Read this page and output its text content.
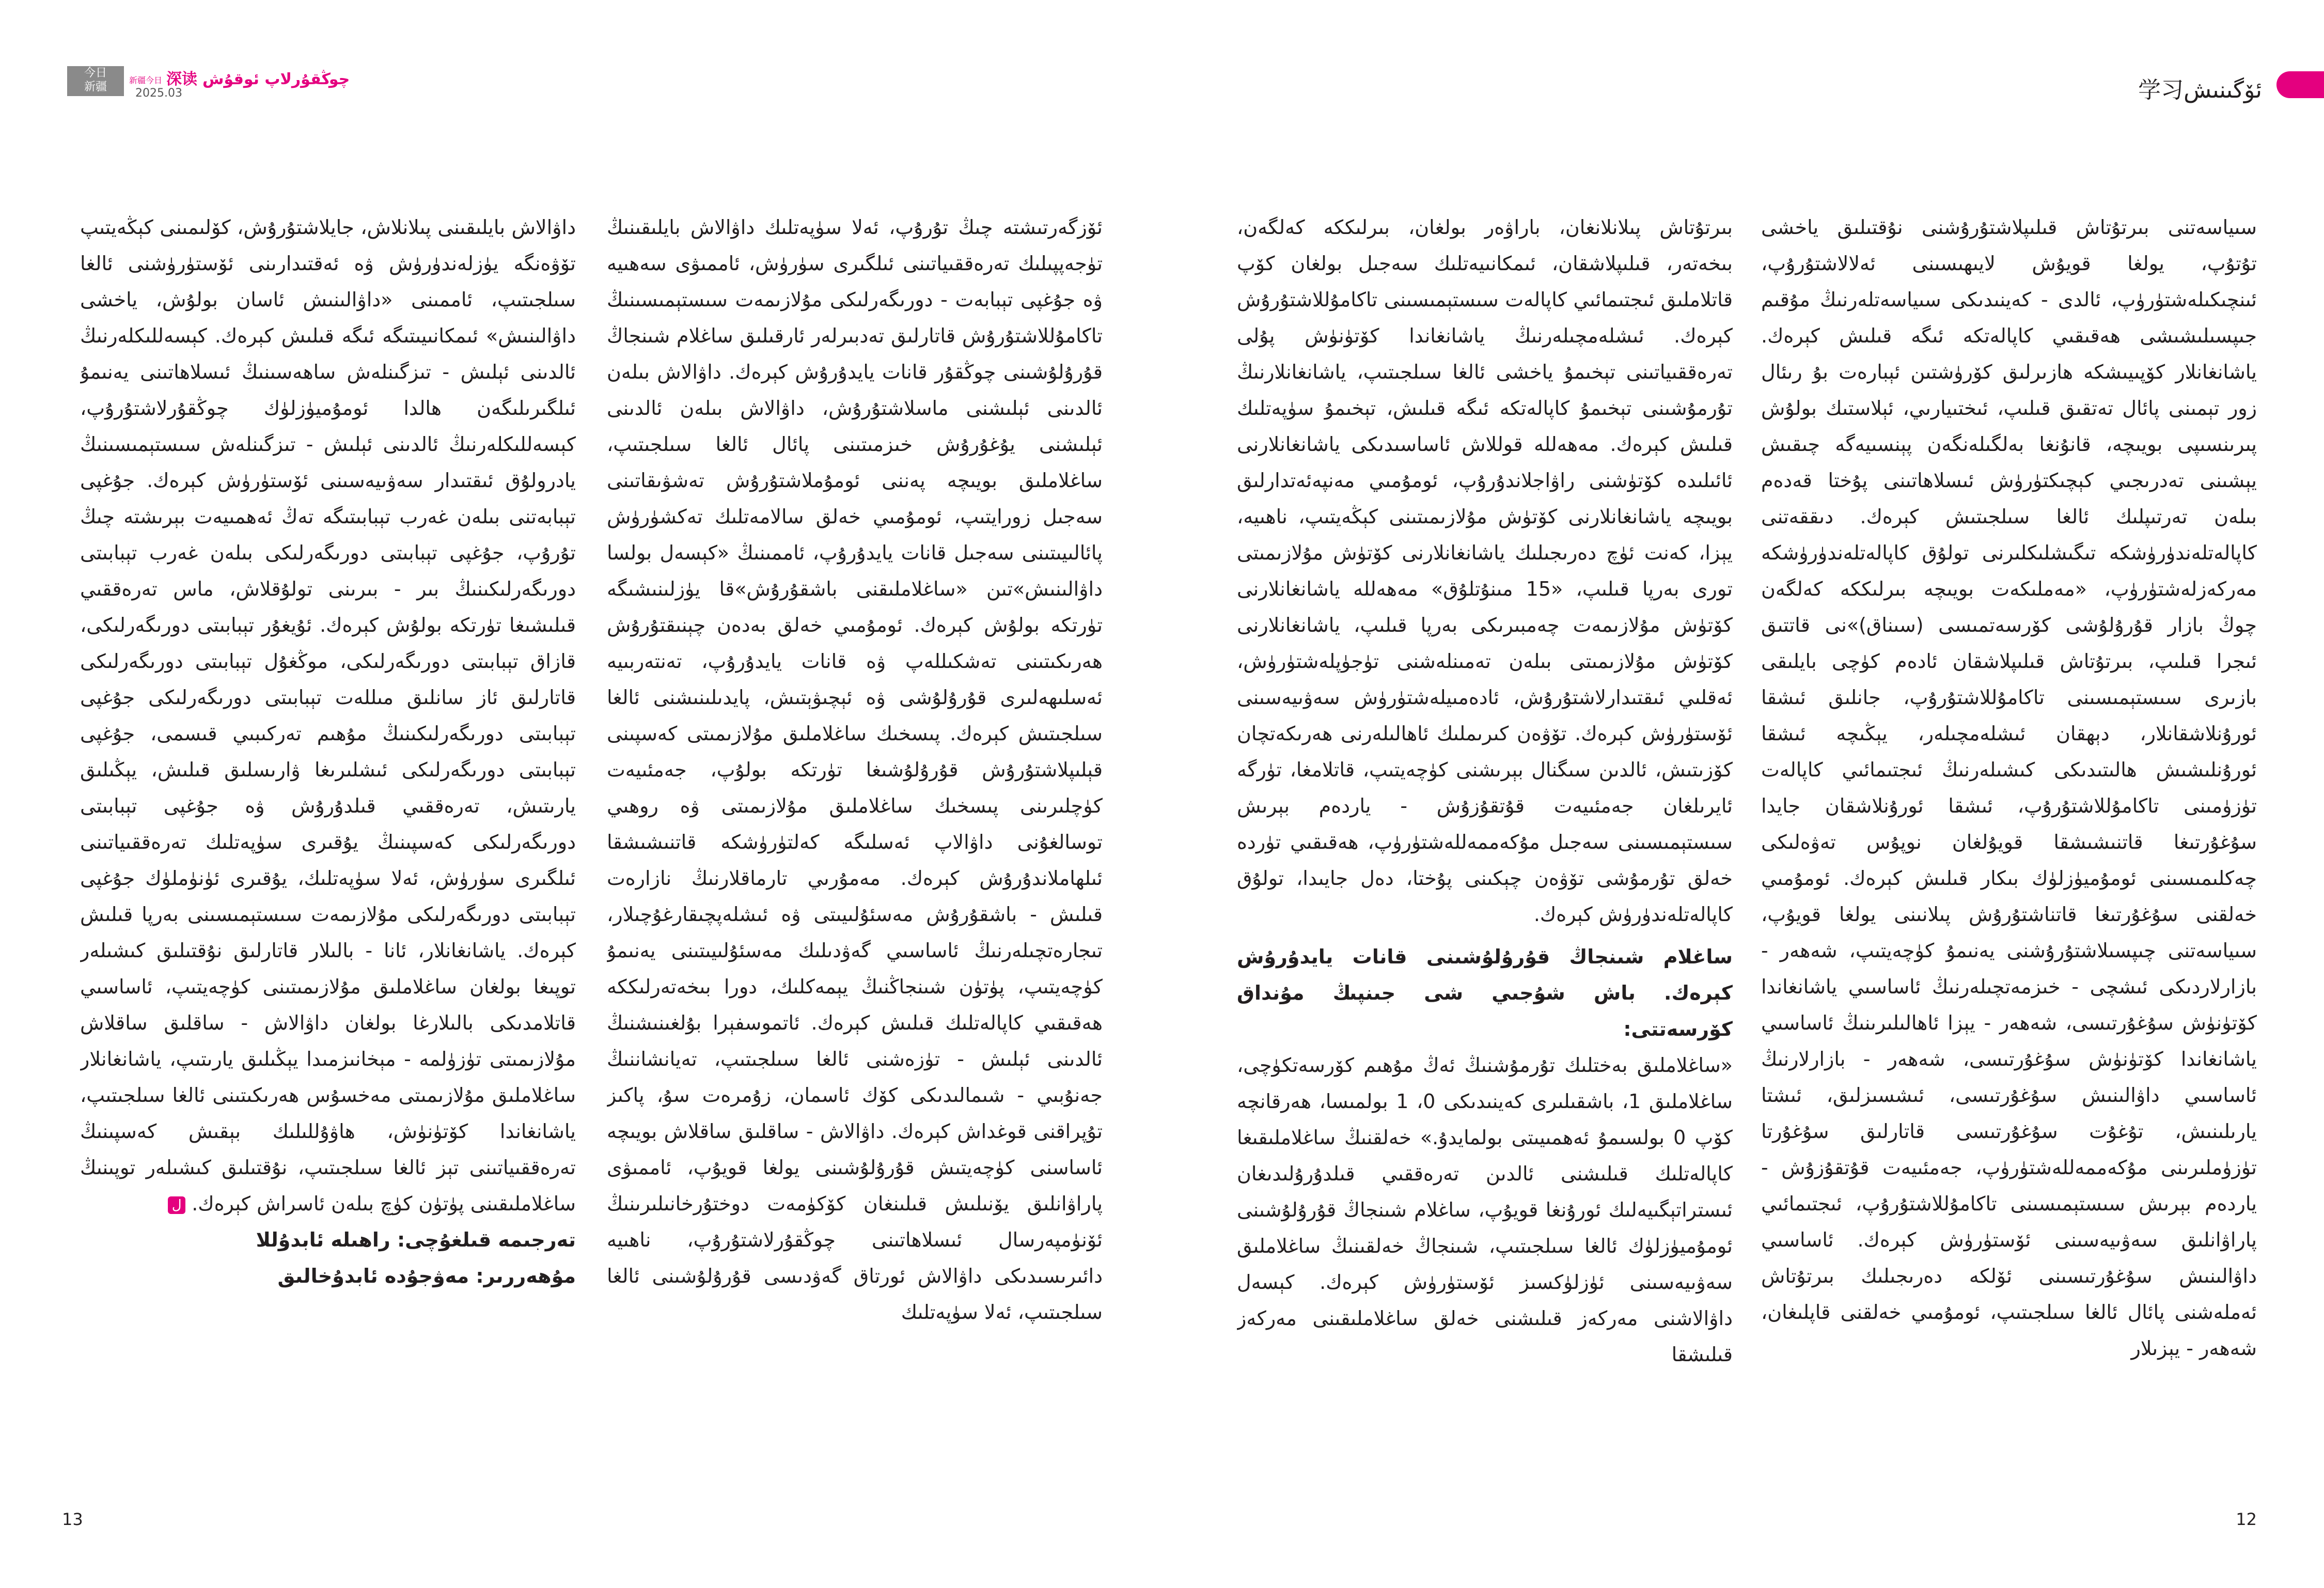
今日
新疆
新疆今日 深读 چوڭقۇرلاپ ئوقۇش
2025.03	ئۆگىنىش学习

سىياسەتنى بىرتۇتاش قىلىپلاشتۇرۇشنى نۇقتىلىق ياخشى تۇتۇپ، يولغا قويۇش لايىھىسىنى ئەلالاشتۇرۇپ، ئىنچىكىلەشتۈرۈپ، ئالدى - كەينىدىكى سىياسەتلەرنىڭ مۇقىم جىپسىلىشىشى ھەقىقىي كاپالەتكە ئىگە قىلىش كېرەك. ياشانغانلار كۆپىيىشكە ھازىرلىق كۆرۈشتىن ئېبارەت بۇ رىئال زور تېمىنى پائال تەتقىق قىلىپ، ئىختىيارىي، ئېلاستىك بولۇش پىرىنسىپى بويىچە، قانۇنغا بەلگىلەنگەن پېنسىيەگە چىقىش يېشىنى تەدرىجىي كېچىكتۈرۈش ئىسلاھاتىنى پۇختا قەدەم بىلەن تەرتىپلىك ئالغا سىلجىتىش كېرەك. دىققەتنى كاپالەتلەندۈرۈشكە تىگىشلىكلىرنى تولۇق كاپالەتلەندۈرۈشكە مەركەزلەشتۈرۈپ، «مەملىكەت بويىچە بىرلىككە كەلگەن چوڭ بازار قۇرۇلۇشى كۆرسەتمىسى (سىناق)»نى قاتتىق ئىجرا قىلىپ، بىرتۇتاش قىلىپلاشقان ئادەم كۈچى بايلىقى بازىرى سىستېمىسىنى تاكامۇللاشتۇرۇپ، جانلىق ئىشقا ئورۇنلاشقانلار، دېھقان ئىشلەمچىلەر، يېڭىچە ئىشقا ئورۇنلىشىش ھالىتىدىكى كىشىلەرنىڭ ئىجتىمائىي كاپالەت تۈزۈمىنى تاكامۇللاشتۇرۇپ، ئىشقا ئورۇنلاشقان جايدا سۇغۇرتىغا قاتنىشىشقا قويۇلغان نوپۇس تەۋەلىكى چەكلىمىسىنى ئومۇميۈزلۈك بىكار قىلىش كېرەك. ئومۇمىي خەلقنى سۇغۇرتىغا قاتناشتۇرۇش پىلانىنى يولغا قويۇپ، سىياسەتنى چىپسىلاشتۇرۇشنى يەنىمۇ كۈچەيتىپ، شەھەر - بازارلاردىكى ئىشچى - خىزمەتچىلەرنىڭ ئاساسىي ياشانغاندا كۆتۈنۈش سۇغۇرتىسى، شەھەر - يېزا ئاھالىلىرىنىڭ ئاساسىي ياشانغاندا كۆتۈنۈش سۇغۇرتىسى، شەھەر - بازارلارنىڭ ئاساسىي داۋالىنىش سۇغۇرتىسى، ئىشسىزلىق، ئىشتا يارىلىنىش، تۇغۇت سۇغۇرتىسى قاتارلىق سۇغۇرتا تۈزۈملىرىنى مۇكەممەللەشتۈرۈپ، جەمئىيەت قۇتقۇزۇش - ياردەم بېرىش سىستېمىسىنى تاكامۇللاشتۇرۇپ، ئىجتىمائىي پاراۋانلىق سەۋىيەسىنى ئۆستۈرۈش كېرەك. ئاساسىي داۋالىنىش سۇغۇرتىسىنى ئۆلكە دەرىجىلىك بىرتۇتاش ئەملەشنى پائال ئالغا سىلجىتىپ، ئومۇمىي خەلقنى قاپلىغان، شەھەر - يېزىلار

بىرتۇتاش پىلانلانغان، باراۋەر بولغان، بىرلىككە كەلگەن، بىخەتەر، قىلىپلاشقان، ئىمكانىيەتلىك سەجىل بولغان كۆپ قاتلاملىق ئىجتىمائىي كاپالەت سىستېمىسىنى تاكامۇللاشتۇرۇش كېرەك. ئىشلەمچىلەرنىڭ ياشانغاندا كۆتۈنۈش پۇلى تەرەققىياتىنى تېخىمۇ ياخشى ئالغا سىلجىتىپ، ياشانغانلارنىڭ تۇرمۇشىنى تېخىمۇ كاپالەتكە ئىگە قىلىش، تېخىمۇ سۈپەتلىك قىلىش كېرەك. مەھەللە قوللاش ئاساسىدىكى ياشانغانلارنى ئائىلىدە كۆتۈشنى راۋاجلاندۇرۇپ، ئومۇمىي مەنپەئەتدارلىق بويىچە ياشانغانلارنى كۆتۈش مۇلازىمىتىنى كېڭەيتىپ، ناھىيە، يېزا، كەنت ئۈچ دەرىجىلىك ياشانغانلارنى كۆتۈش مۇلازىمىتى تورى بەرپا قىلىپ، «15 مىنۇتلۇق» مەھەللە ياشانغانلارنى كۆتۈش مۇلازىمەت چەمبىرىكى بەرپا قىلىپ، ياشانغانلارنى كۆتۈش مۇلازىمىتى بىلەن تەمىنلەشنى تۈجۈپلەشتۈرۈش، ئەقلىي ئىقتىدارلاشتۇرۇش، ئادەمىيلەشتۈرۈش سەۋىيەسىنى ئۆستۈرۈش كېرەك. تۆۋەن كىرىملىك ئاھالىلەرنى ھەرىكەتچان كۆزىتىش، ئالدىن سىگنال بېرىشنى كۈچەيتىپ، قاتلامغا، تۈرگە ئايرىلغان جەمئىيەت قۇتقۇزۇش - ياردەم بېرىش سىستېمىسىنى سەجىل مۇكەممەللەشتۈرۈپ، ھەقىقىي تۈرده خەلق تۇرمۇشى تۆۋەن چېكىنى پۇختا، دەل جايىدا، تولۇق كاپالەتلەندۈرۈش كېرەك.

ساغلام شىنجاڭ قۇرۇلۇشىنى قانات يايدۇرۇش كېرەك. باش شۇجىي شى جىنپىڭ مۇنداق كۆرسەتتى:

«ساغلاملىق بەختلىك تۇرمۇشنىڭ ئەڭ مۇھىم كۆرسەتكۈچى، ساغلاملىق 1، باشقىلىرى كەينىدىكى 0، 1 بولمىسا، ھەرقانچە كۆپ 0 بولسىمۇ ئەھمىيىتى بولمايدۇ.» خەلقنىڭ ساغلاملىقىغا كاپالەتلىك قىلىشنى ئالدىن تەرەققىي قىلدۇرۇلىدىغان ئىستراتېگىيەلىك ئورۇنغا قويۇپ، ساغلام شىنجاڭ قۇرۇلۇشىنى ئومۇميۈزلۈك ئالغا سىلجىتىپ، شىنجاڭ خەلقىنىڭ ساغلاملىق سەۋىيەسىنى ئۈزلۈكسىز ئۆستۈرۈش كېرەك. كېسەل داۋالاشنى مەركەز قىلىشنى خەلق ساغلاملىقىنى مەركەز قىلىشقا

ئۆزگەرتىشتە چىڭ تۇرۇپ، ئەلا سۈپەتلىك داۋالاش بايلىقىنىڭ تۈجەپپىلىك تەرەققىياتىنى ئىلگىرى سۈرۈش، ئاممىۋى سەھىيە ۋە جۇغپى تېبابەت - دورىگەرلىكى مۇلازىمەت سىستېمىسىنىڭ تاكامۇللاشتۇرۇش قاتارلىق تەدبىرلەر ئارقىلىق ساغلام شىنجاڭ قۇرۇلۇشىنى چوڭقۇر قانات يايدۇرۇش كېرەك. داۋالاش بىلەن ئالدىنى ئېلىشنى ماسلاشتۇرۇش، داۋالاش بىلەن ئالدىنى ئېلىشنى يۇغۇرۇش خىزمىتىنى پائال ئالغا سىلجىتىپ، ساغلاملىق بويىچە پەننى ئومۇملاشتۇرۇش تەشۋىقاتىنى سەجىل زورايتىپ، ئومۇمىي خەلق سالامەتلىك تەكشۈرۈش پائالىيىتىنى سەجىل قانات يايدۇرۇپ، ئاممىنىڭ «كېسەل بولسا داۋالىنىش»تىن «ساغلاملىقنى باشقۇرۇش»قا يۈزلىنىشىگە تۈرتكە بولۇش كېرەك. ئومۇمىي خەلق بەدەن چېنىقتۇرۇش ھەرىكىتىنى تەشكىللەپ ۋە قانات يايدۇرۇپ، تەنتەربىيە ئەسلىھەلىرى قۇرۇلۇشى ۋە ئېچىۋېتىش، پايدىلىنىشنى ئالغا سىلجىتىش كېرەك. پىسخىك ساغلاملىق مۇلازىمىتى كەسپىنى قېلىپلاشتۇرۇش قۇرۇلۇشىغا تۈرتكە بولۇپ، جەمئىيەت كۈچلىرىنى پىسخىك ساغلاملىق مۇلازىمىتى ۋە روھىي توسالغۇنى داۋالاپ ئەسلىگە كەلتۈرۈشكە قاتنىشىشقا ئىلھاملاندۇرۇش كېرەك. مەمۇرىي تارماقلارنىڭ نازارەت قىلىش - باشقۇرۇش مەسئۇلىيىتى ۋە ئىشلەپچىقارغۇچىلار، تىجارەتچىلەرنىڭ ئاساسىي گەۋدىلىك مەسئۇلىيىتىنى يەنىمۇ كۈچەيتىپ، پۈتۈن شىنجاڭنىڭ يېمەكلىك، دورا بىخەتەرلىككە ھەقىقىي كاپالەتلىك قىلىش كېرەك. ئاتموسفېرا بۇلغىنىشنىڭ ئالدىنى ئېلىش - تۈزەشنى ئالغا سىلجىتىپ، تەيانشاننىڭ جەنۇبىي - شىمالىدىكى كۆك ئاسمان، زۇمرەت سۇ، پاكىز تۇپراقنى قوغداش كېرەك. داۋالاش - ساقلىق ساقلاش بويىچە ئاساسنى كۈچەيتىش قۇرۇلۇشىنى يولغا قويۇپ، ئاممىۋى پاراۋانلىق يۆنىلىش قىلىنغان كۆكۈمەت دوختۇرخانىلىرىنىڭ ئۆنۈمپەرسال ئىسلاھاتىنى چوڭقۇرلاشتۇرۇپ، ناھىيە دائىرىسىدىكى داۋالاش ئورتاق گەۋدىسى قۇرۇلۇشىنى ئالغا سىلجىتىپ، ئەلا سۈپەتلىك

داۋالاش بايلىقىنى پىلانلاش، جايلاشتۇرۇش، كۆلىمىنى كېڭەيتىپ تۆۋەنگە يۈزلەندۈرۈش ۋە ئەقتىدارىنى ئۆستۈرۈشنى ئالغا سىلجىتىپ، ئاممىنى «داۋالىنىش ئاسان بولۇش، ياخشى داۋالىنىش» ئىمكانىيىتىگە ئىگە قىلىش كېرەك. كېسەللىكلەرنىڭ ئالدىنى ئېلىش - تىزگىنلەش ساھەسىنىڭ ئىسلاھاتىنى يەنىمۇ ئىلگىرىلىگەن ھالدا ئومۇميۈزلۈك چوڭقۇرلاشتۇرۇپ، كېسەللىكلەرنىڭ ئالدىنى ئېلىش - تىزگىنلەش سىستېمىسىنىڭ يادرولۇق ئىقتىدار سەۋىيەسىنى ئۆستۈرۈش كېرەك. جۇغپى تېبابەتنى بىلەن غەرب تېبابىتىگە تەڭ ئەھمىيەت بېرىشتە چىڭ تۇرۇپ، جۇغپى تېبابىتى دورىگەرلىكى بىلەن غەرب تېبابىتى دورىگەرلىكىنىڭ بىر - بىرىنى تولۇقلاش، ماس تەرەققىي قىلىشىغا تۈرتكە بولۇش كېرەك. ئۇيغۇر تېبابىتى دورىگەرلىكى، قازاق تېبابىتى دورىگەرلىكى، موڭغۇل تېبابىتى دورىگەرلىكى قاتارلىق ئاز سانلىق مىللەت تېبابىتى دورىگەرلىكى جۇغپى تېبابىتى دورىگەرلىكىنىڭ مۇھىم تەركىبىي قىسمى، جۇغپى تېبابىتى دورىگەرلىكى ئىشلىرىغا ۋارىسلىق قىلىش، يېڭىلىق يارىتىش، تەرەققىي قىلدۇرۇش ۋە جۇغپى تېبابىتى دورىگەرلىكى كەسپىنىڭ يۇقىرى سۈپەتلىك تەرەققىياتىنى ئىلگىرى سۈرۈش، ئەلا سۈپەتلىك، يۇقىرى ئۈنۈملۈك جۇغپى تېبابىتى دورىگەرلىكى مۇلازىمەت سىستېمىسىنى بەرپا قىلىش كېرەك. ياشانغانلار، ئانا - بالىلار قاتارلىق نۇقتىلىق كىشىلەر توپىغا بولغان ساغلاملىق مۇلازىمىتىنى كۈچەيتىپ، ئاساسىي قاتلامدىكى بالىلارغا بولغان داۋالاش - ساقلىق ساقلاش مۇلازىمىتى تۈزۈلمە - مېخانىزمىدا يېڭىلىق يارىتىپ، ياشانغانلار ساغلاملىق مۇلازىمىتى مەخسۇس ھەرىكىتىنى ئالغا سىلجىتىپ، ياشانغاندا كۆتۈنۈش، ھاۋۇللىلىك بېقىش كەسپىنىڭ تەرەققىياتىنى تېز ئالغا سىلجىتىپ، نۇقتىلىق كىشىلەر توپىنىڭ ساغلاملىقىنى پۈتۈن كۈچ بىلەن ئاسراش كېرەك.ل

تەرجىمە قىلغۇچى: راھىلە ئابدۇللا

مۇھەررىر: مەۋجۇدە ئابدۇخالىق

13	12
